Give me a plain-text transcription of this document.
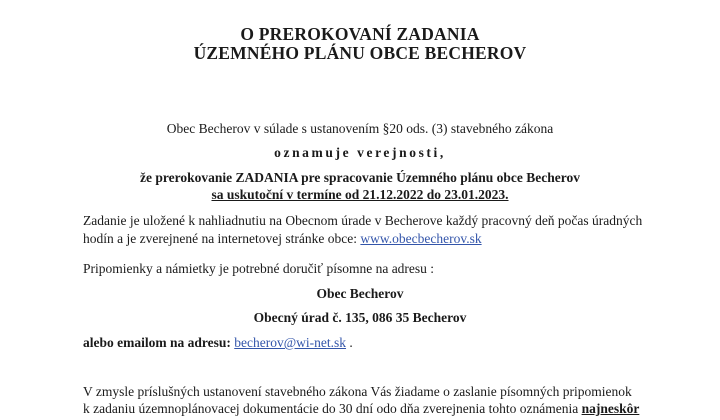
O PREROKOVANÍ ZADANIA
ÚZEMNÉHO PLÁNU OBCE BECHEROV
Obec Becherov v súlade s ustanovením §20 ods. (3) stavebného zákona
oznamuje verejnosti,
že prerokovanie ZADANIA pre spracovanie Územného plánu obce Becherov
sa uskutoční v termíne od 21.12.2022 do 23.01.2023.
Zadanie je uložené k nahliadnutiu na Obecnom úrade v Becherove každý pracovný deň počas úradných
hodín a je zverejnené na internetovej stránke obce: www.obecbecherov.sk
Pripomienky a námietky je potrebné doručiť písomne na adresu :
Obec Becherov
Obecný úrad č. 135, 086 35 Becherov
alebo emailom na adresu: becherov@wi-net.sk .
V zmysle príslušných ustanovení stavebného zákona Vás žiadame o zaslanie písomných pripomienok
k zadaniu územnoplánovacej dokumentácie do 30 dní odo dňa zverejnenia tohto oznámenia najneskôr
